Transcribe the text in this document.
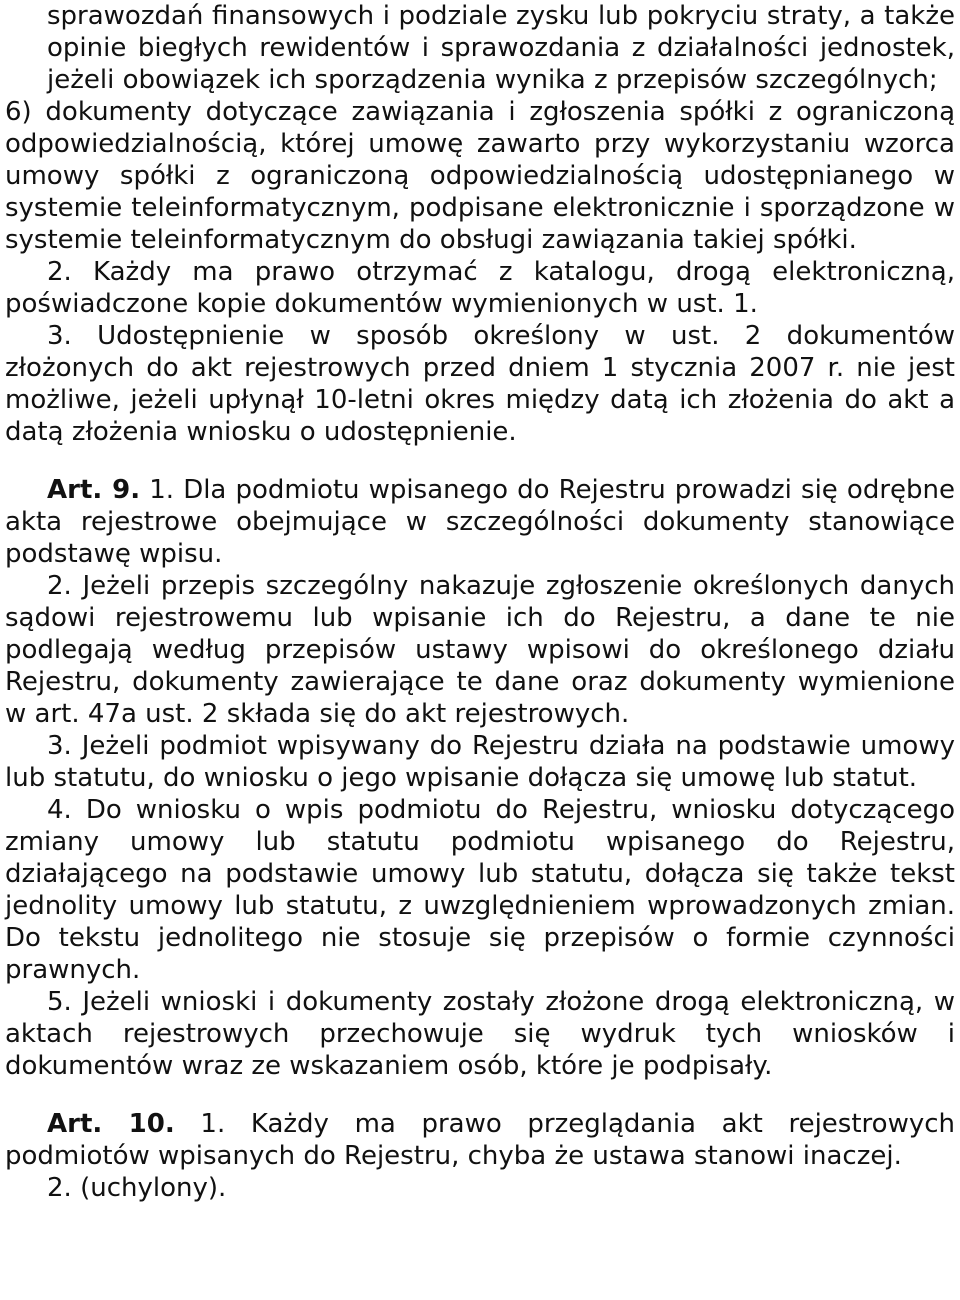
sprawozdań finansowych i podziale zysku lub pokryciu straty, a także opinie biegłych rewidentów i sprawozdania z działalności jednostek, jeżeli obowiązek ich sporządzenia wynika z przepisów szczególnych;

6) dokumenty dotyczące zawiązania i zgłoszenia spółki z ograniczoną odpowiedzialnością, której umowę zawarto przy wykorzystaniu wzorca umowy spółki z ograniczoną odpowiedzialnością udostępnianego w systemie teleinformatycznym, podpisane elektronicznie i sporządzone w systemie teleinformatycznym do obsługi zawiązania takiej spółki.

2. Każdy ma prawo otrzymać z katalogu, drogą elektroniczną, poświadczone kopie dokumentów wymienionych w ust. 1.

3. Udostępnienie w sposób określony w ust. 2 dokumentów złożonych do akt rejestrowych przed dniem 1 stycznia 2007 r. nie jest możliwe, jeżeli upłynął 10-letni okres między datą ich złożenia do akt a datą złożenia wniosku o udostępnienie.

Art. 9. 1. Dla podmiotu wpisanego do Rejestru prowadzi się odrębne akta rejestrowe obejmujące w szczególności dokumenty stanowiące podstawę wpisu.

2. Jeżeli przepis szczególny nakazuje zgłoszenie określonych danych sądowi rejestrowemu lub wpisanie ich do Rejestru, a dane te nie podlegają według przepisów ustawy wpisowi do określonego działu Rejestru, dokumenty zawierające te dane oraz dokumenty wymienione w art. 47a ust. 2 składa się do akt rejestrowych.

3. Jeżeli podmiot wpisywany do Rejestru działa na podstawie umowy lub statutu, do wniosku o jego wpisanie dołącza się umowę lub statut.

4. Do wniosku o wpis podmiotu do Rejestru, wniosku dotyczącego zmiany umowy lub statutu podmiotu wpisanego do Rejestru, działającego na podstawie umowy lub statutu, dołącza się także tekst jednolity umowy lub statutu, z uwzględnieniem wprowadzonych zmian. Do tekstu jednolitego nie stosuje się przepisów o formie czynności prawnych.

5. Jeżeli wnioski i dokumenty zostały złożone drogą elektroniczną, w aktach rejestrowych przechowuje się wydruk tych wniosków i dokumentów wraz ze wskazaniem osób, które je podpisały.

Art. 10. 1. Każdy ma prawo przeglądania akt rejestrowych podmiotów wpisanych do Rejestru, chyba że ustawa stanowi inaczej.

2. (uchylony).
